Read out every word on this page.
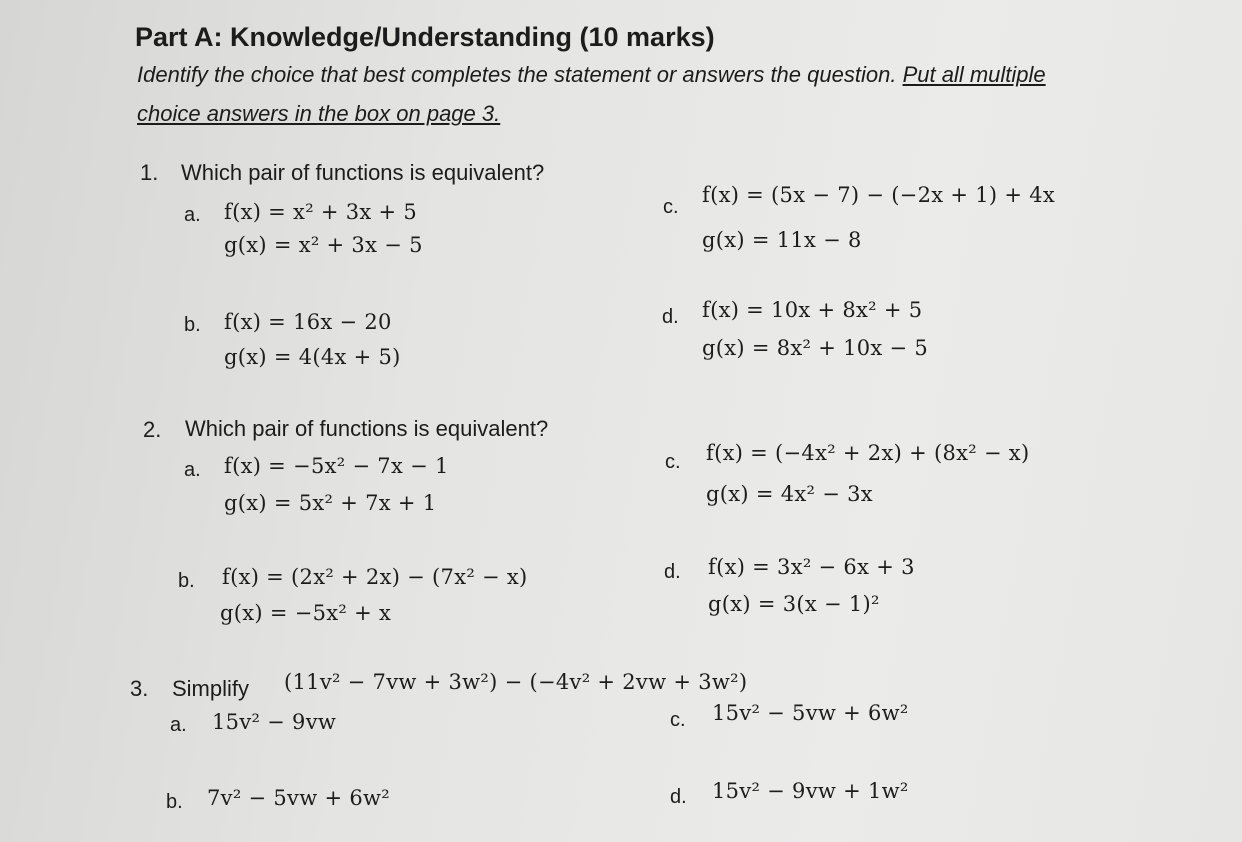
Part A: Knowledge/Understanding (10 marks)
Identify the choice that best completes the statement or answers the question. Put all multiple
choice answers in the box on page 3.
1. Which pair of functions is equivalent?
a. f(x) = x² + 3x + 5
g(x) = x² + 3x − 5
b. f(x) = 16x − 20
g(x) = 4(4x + 5)
c. f(x) = (5x − 7) − (−2x + 1) + 4x
g(x) = 11x − 8
d. f(x) = 10x + 8x² + 5
g(x) = 8x² + 10x − 5
2. Which pair of functions is equivalent?
a. f(x) = −5x² − 7x − 1
g(x) = 5x² + 7x + 1
b. f(x) = (2x² + 2x) − (7x² − x)
g(x) = −5x² + x
c. f(x) = (−4x² + 2x) + (8x² − x)
g(x) = 4x² − 3x
d. f(x) = 3x² − 6x + 3
g(x) = 3(x − 1)²
3. Simplify (11v² − 7vw + 3w²) − (−4v² + 2vw + 3w²)
a. 15v² − 9vw
b. 7v² − 5vw + 6w²
c. 15v² − 5vw + 6w²
d. 15v² − 9vw + 1w²
